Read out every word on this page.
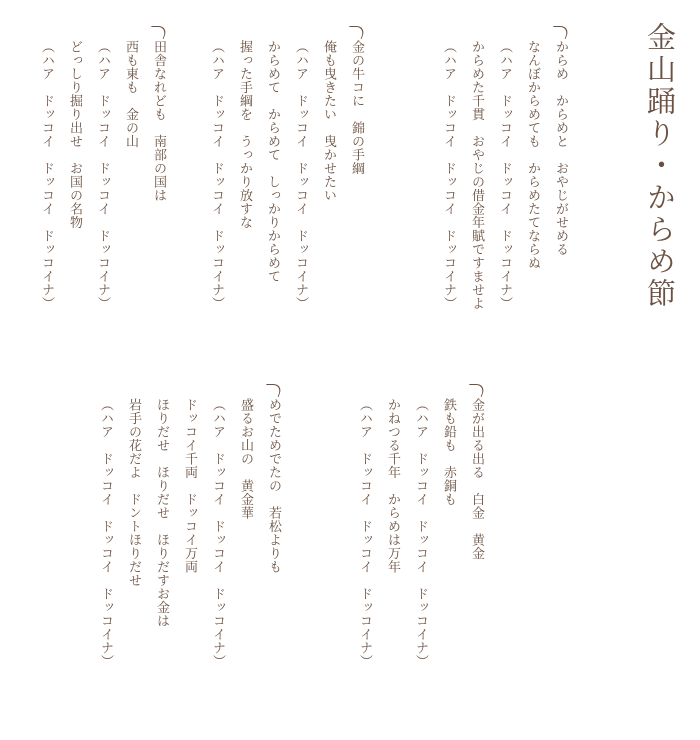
金山踊り・からめ節
からめ　からめと　おやじがせめる
なんぼからめても　からめたてならぬ
（ハア　ドッコイ　ドッコイ　ドッコイナ）
からめた千貫　おやじの借金年賦ですませよ
（ハア　ドッコイ　ドッコイ　ドッコイナ）
金の牛コに　錦の手綱
俺も曳きたい　曳かせたい
（ハア　ドッコイ　ドッコイ　ドッコイナ）
からめて　からめて　しっかりからめて
握った手綱を　うっかり放すな
（ハア　ドッコイ　ドッコイ　ドッコイナ）
田舎なれども　南部の国は
西も東も　金の山
（ハア　ドッコイ　ドッコイ　ドッコイナ）
どっしり掘り出せ　お国の名物
（ハア　ドッコイ　ドッコイ　ドッコイナ）
金が出る出る　白金　黄金
鉄も鉛も　赤銅も
（ハア　ドッコイ　ドッコイ　ドッコイナ）
かねつる千年　からめは万年
（ハア　ドッコイ　ドッコイ　ドッコイナ）
めでためでたの　若松よりも
盛るお山の　黄金華
（ハア　ドッコイ　ドッコイ　ドッコイナ）
ドッコイ千両　ドッコイ万両
ほりだせ　ほりだせ　ほりだすお金は
岩手の花だよ　ドントほりだせ
（ハア　ドッコイ　ドッコイ　ドッコイナ）
